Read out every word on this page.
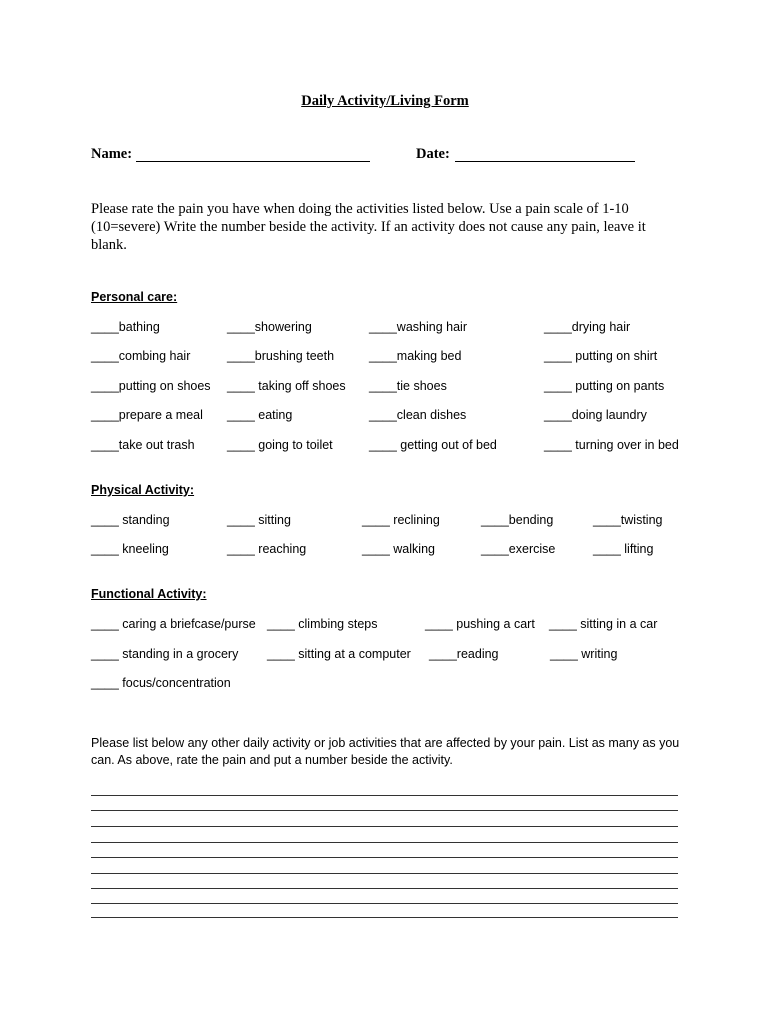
Daily Activity/Living Form
Name:	Date:
Please rate the pain you have when doing the activities listed below. Use a pain scale of 1-10 (10=severe) Write the number beside the activity. If an activity does not cause any pain, leave it blank.
Personal care:
____bathing	____showering	____washing hair	____drying hair
____combing hair	____brushing teeth	____making bed	____ putting on shirt
____putting on shoes ____ taking off shoes ____tie shoes	____ putting on pants
____prepare a meal ____ eating	____clean dishes	____doing laundry
____take out trash	____ going to toilet	____ getting out of bed	____ turning over in bed
Physical Activity:
____ standing	____ sitting	____ reclining	____bending	____twisting
____ kneeling	____ reaching	____ walking	____exercise	____ lifting
Functional Activity:
____ caring a briefcase/purse ____ climbing steps	____ pushing a cart ____ sitting in a car
____ standing in a grocery ____ sitting at a computer ____reading	____ writing
____ focus/concentration
Please list below any other daily activity or job activities that are affected by your pain. List as many as you can. As above, rate the pain and put a number beside the activity.
